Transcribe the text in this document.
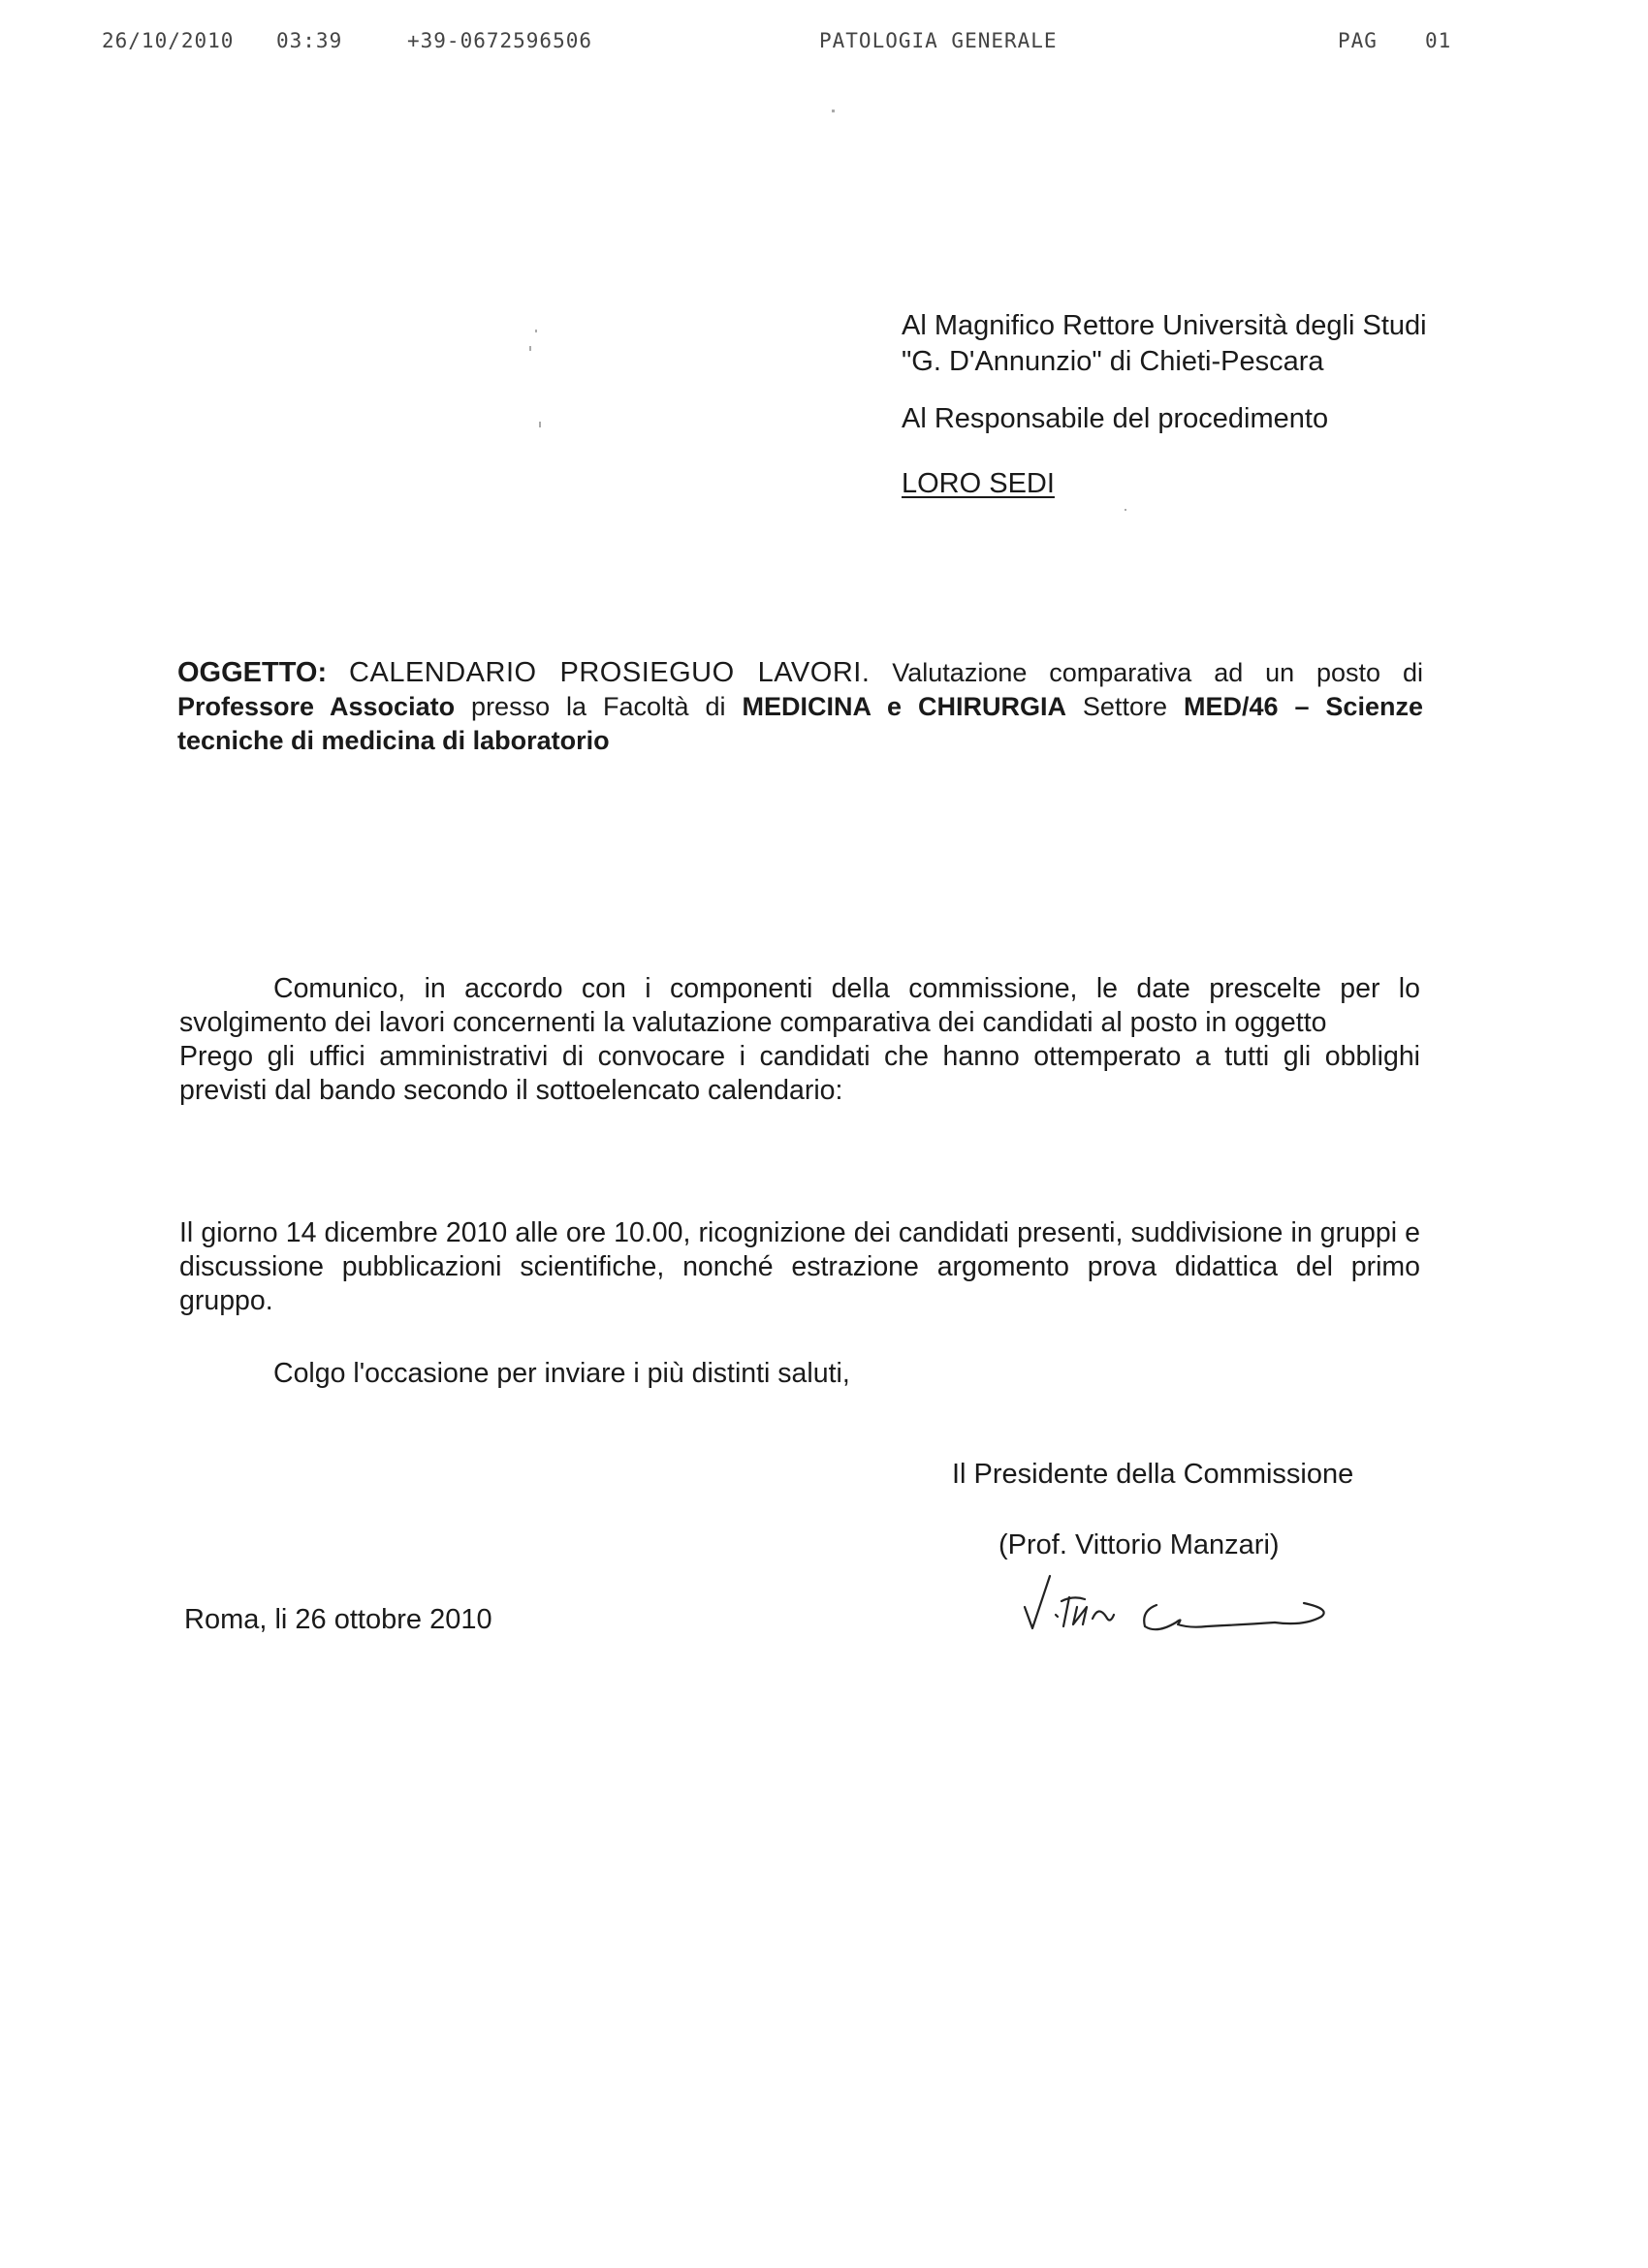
26/10/2010 03:39	+39-0672596506	PATOLOGIA GENERALE	PAG 01

Al Magnifico Rettore Università degli Studi "G. D'Annunzio" di Chieti-Pescara

Al Responsabile del procedimento

LORO SEDI

OGGETTO: CALENDARIO PROSIEGUO LAVORI. Valutazione comparativa ad un posto di Professore Associato presso la Facoltà di MEDICINA e CHIRURGIA Settore MED/46 – Scienze tecniche di medicina di laboratorio
Comunico, in accordo con i componenti della commissione, le date prescelte per lo svolgimento dei lavori concernenti la valutazione comparativa dei candidati al posto in oggetto
Prego gli uffici amministrativi di convocare i candidati che hanno ottemperato a tutti gli obblighi previsti dal bando secondo il sottoelencato calendario:
Il giorno 14 dicembre 2010 alle ore 10.00, ricognizione dei candidati presenti, suddivisione in gruppi e discussione pubblicazioni scientifiche, nonché estrazione argomento prova didattica del primo gruppo.
Colgo l'occasione per inviare i più distinti saluti,
Il Presidente della Commissione
(Prof. Vittorio Manzari)
Roma, li 26 ottobre 2010
